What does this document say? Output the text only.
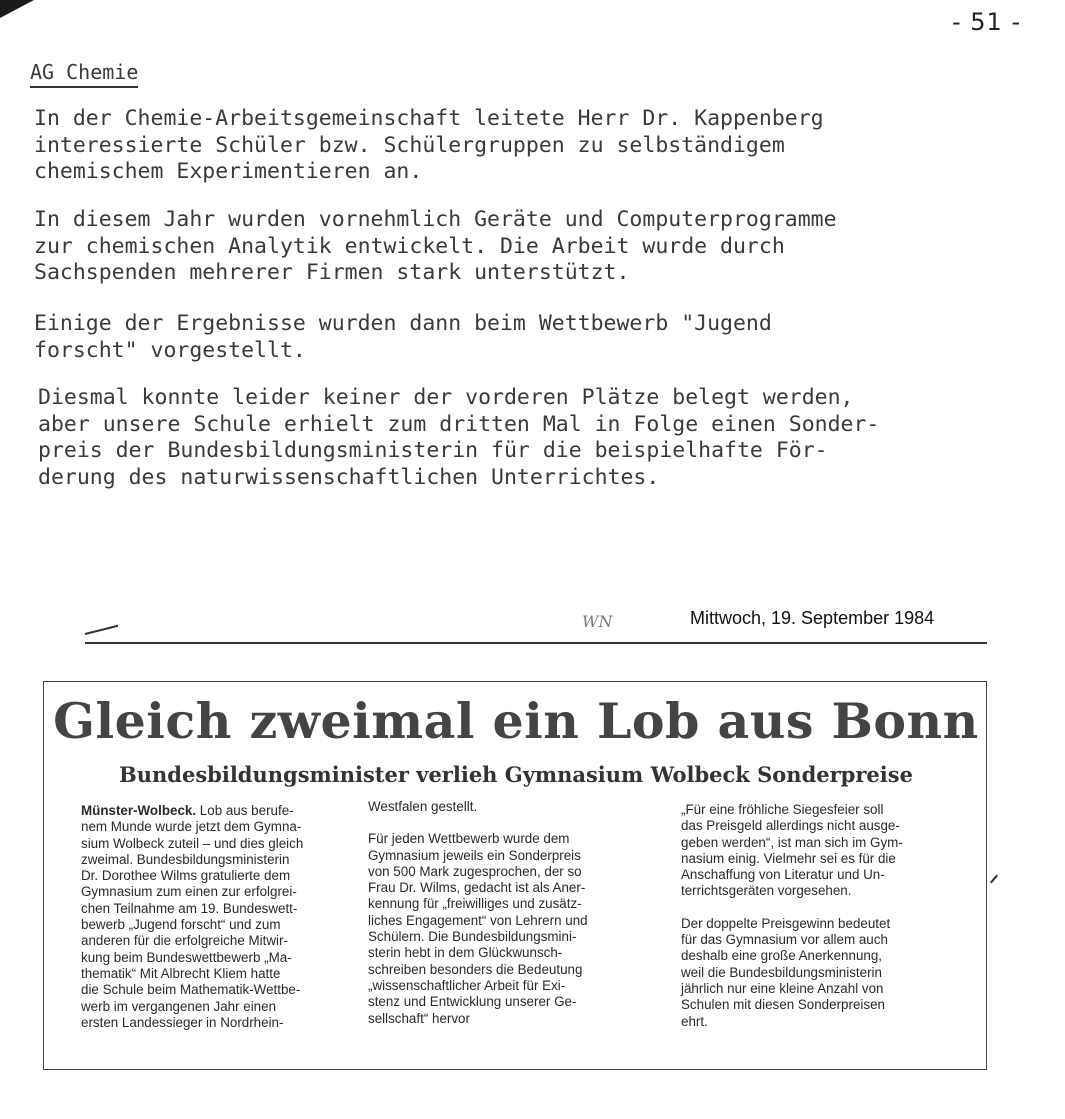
- 51 -
AG Chemie

In der Chemie-Arbeitsgemeinschaft leitete Herr Dr. Kappenberg
interessierte Schüler bzw. Schülergruppen zu selbständigem
chemischem Experimentieren an.

In diesem Jahr wurden vornehmlich Geräte und Computerprogramme
zur chemischen Analytik entwickelt. Die Arbeit wurde durch
Sachspenden mehrerer Firmen stark unterstützt.

Einige der Ergebnisse wurden dann beim Wettbewerb "Jugend
forscht" vorgestellt.

Diesmal konnte leider keiner der vorderen Plätze belegt werden,
aber unsere Schule erhielt zum dritten Mal in Folge einen Sonder-
preis der Bundesbildungsministerin für die beispielhafte För-
derung des naturwissenschaftlichen Unterrichtes.

WN	Mittwoch, 19. September 1984
Gleich zweimal ein Lob aus Bonn
Bundesbildungsminister verlieh Gymnasium Wolbeck Sonderpreise

Münster-Wolbeck. Lob aus berufe-
nem Munde wurde jetzt dem Gymna-
sium Wolbeck zuteil – und dies gleich
zweimal. Bundesbildungsministerin
Dr. Dorothee Wilms gratulierte dem
Gymnasium zum einen zur erfolgrei-
chen Teilnahme am 19. Bundeswett-
bewerb „Jugend forscht“ und zum
anderen für die erfolgreiche Mitwir-
kung beim Bundeswettbewerb „Ma-
thematik“ Mit Albrecht Kliem hatte
die Schule beim Mathematik-Wettbe-
werb im vergangenen Jahr einen
ersten Landessieger in Nordrhein-

Westfalen gestellt.
Für jeden Wettbewerb wurde dem
Gymnasium jeweils ein Sonderpreis
von 500 Mark zugesprochen, der so
Frau Dr. Wilms, gedacht ist als Aner-
kennung für „freiwilliges und zusätz-
liches Engagement“ von Lehrern und
Schülern. Die Bundesbildungsmini-
sterin hebt in dem Glückwunsch-
schreiben besonders die Bedeutung
„wissenschaftlicher Arbeit für Exi-
stenz und Entwicklung unserer Ge-
sellschaft“ hervor
„Für eine fröhliche Siegesfeier soll
das Preisgeld allerdings nicht ausge-
geben werden“, ist man sich im Gym-
nasium einig. Vielmehr sei es für die
Anschaffung von Literatur und Un-
terrichtsgeräten vorgesehen.
Der doppelte Preisgewinn bedeutet
für das Gymnasium vor allem auch
deshalb eine große Anerkennung,
weil die Bundesbildungsministerin
jährlich nur eine kleine Anzahl von
Schulen mit diesen Sonderpreisen
ehrt.
